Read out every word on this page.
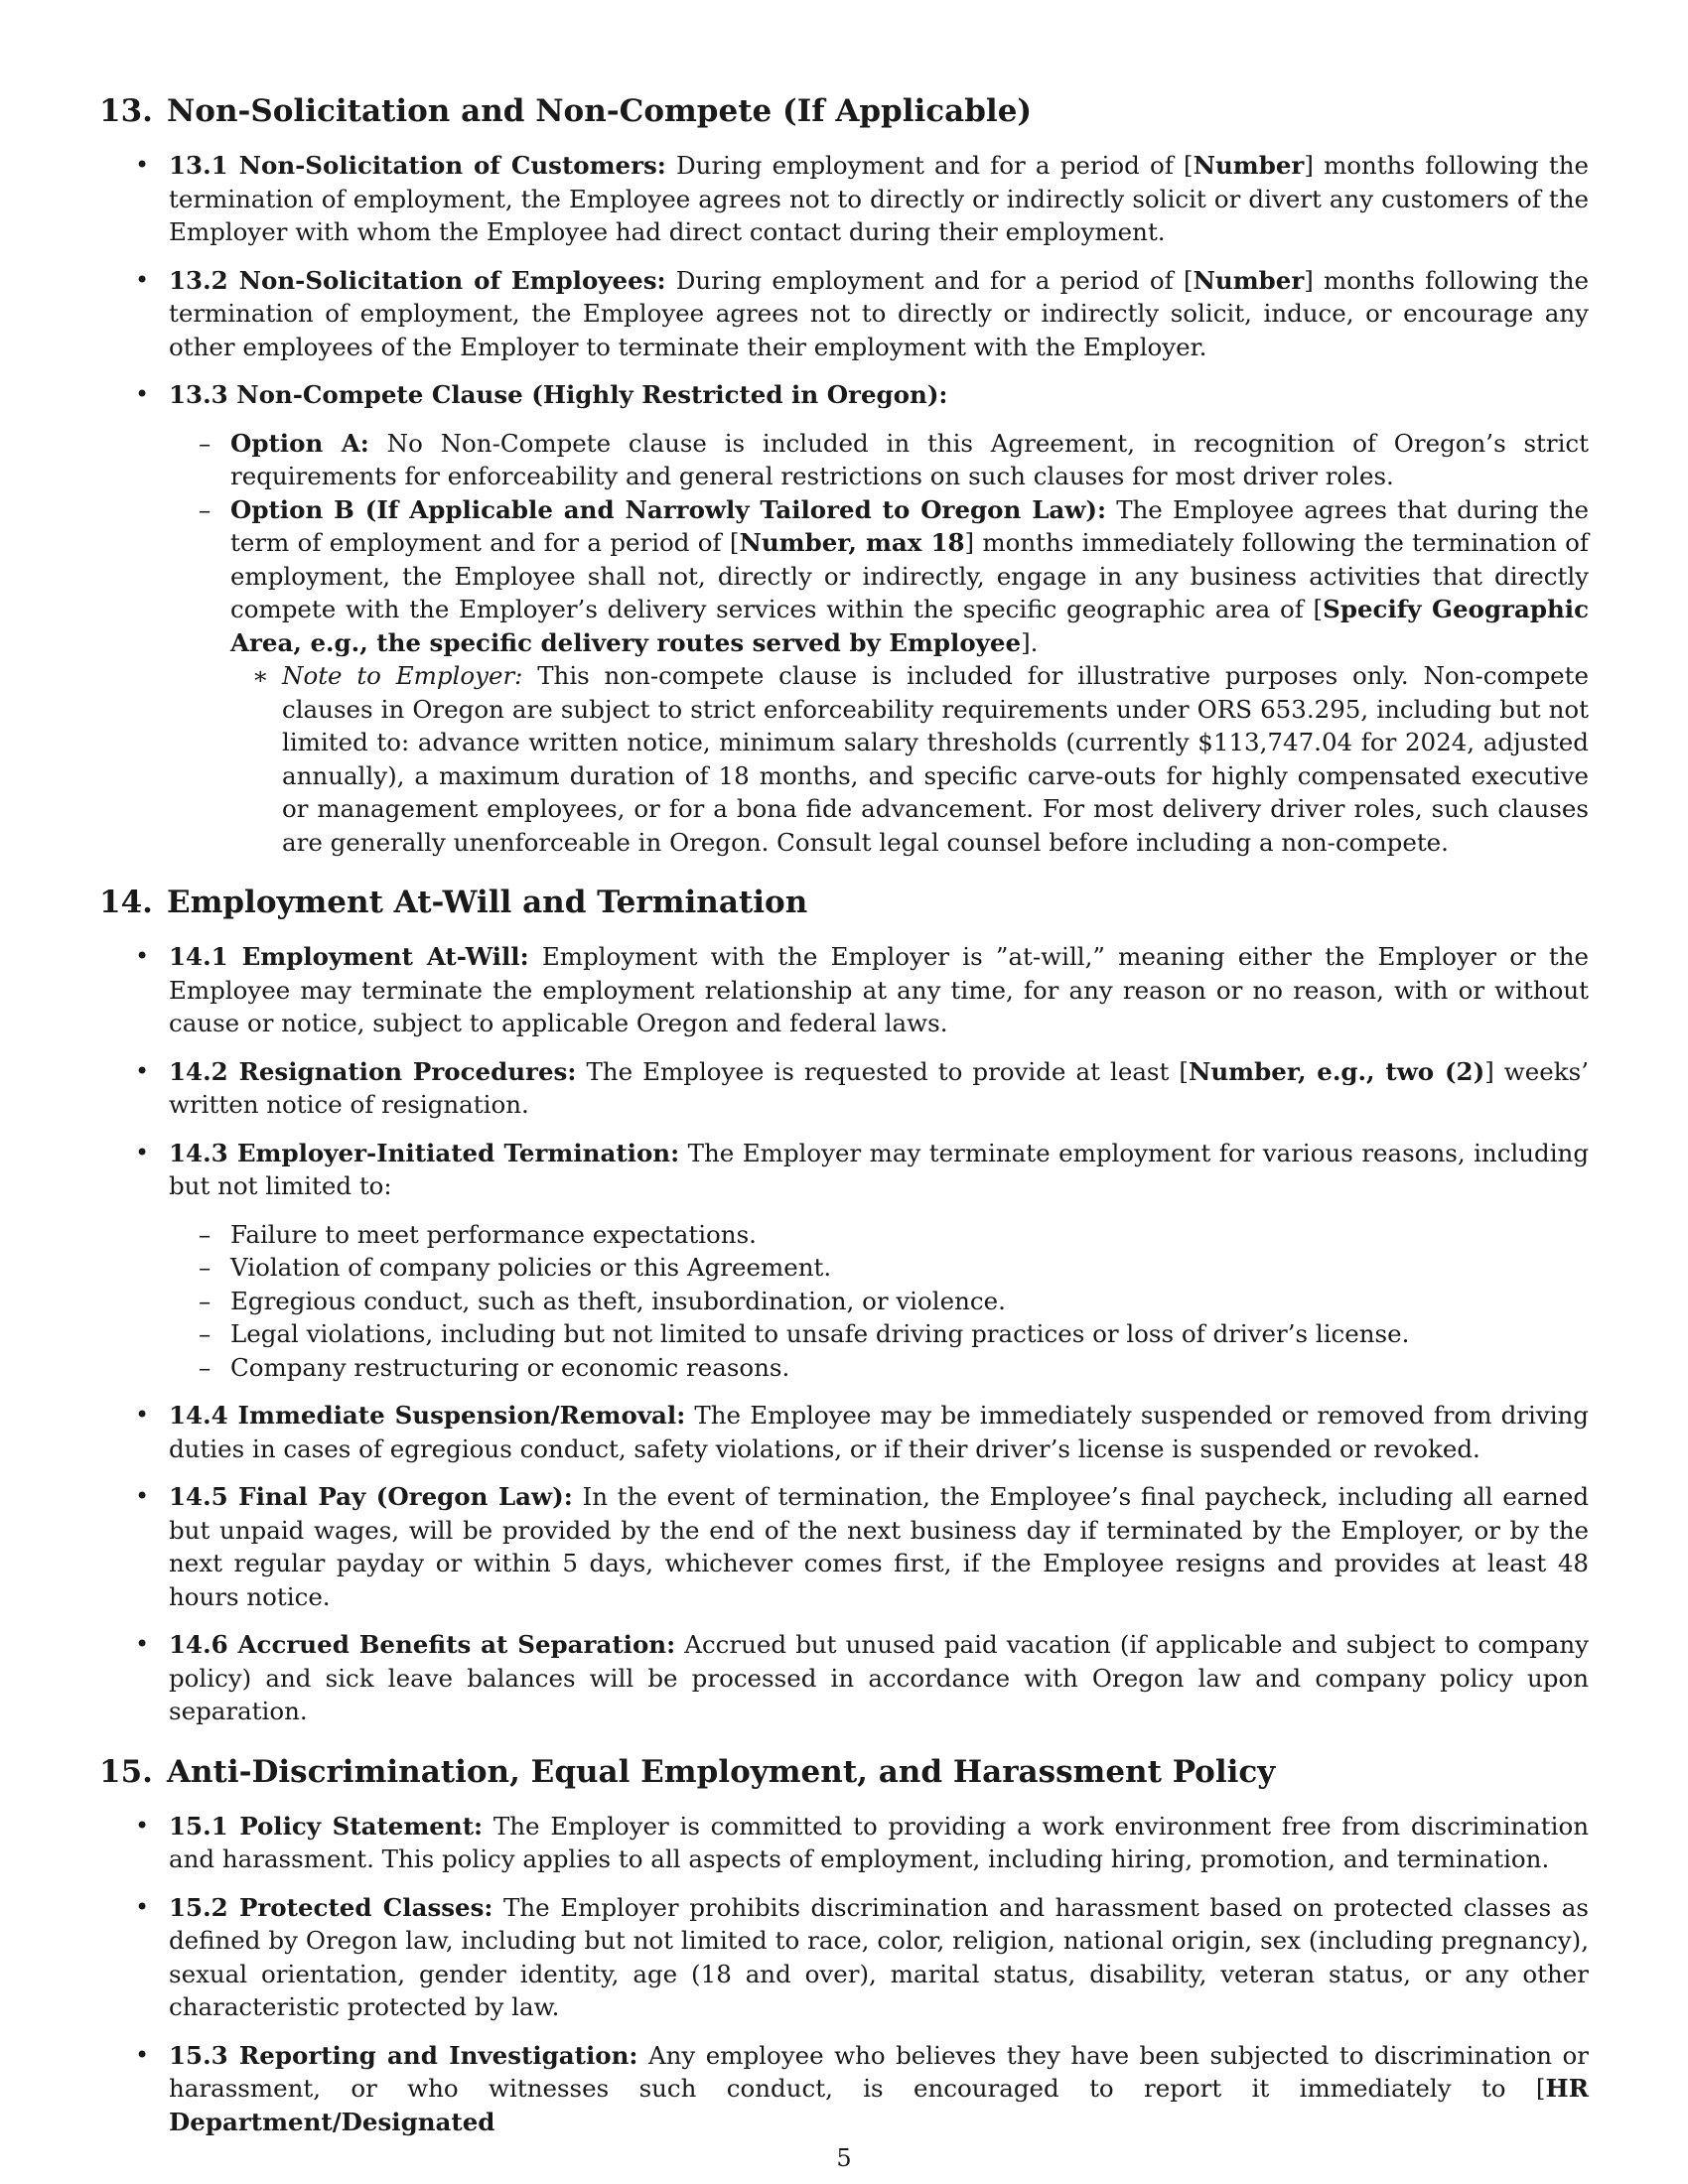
13. Non-Solicitation and Non-Compete (If Applicable)
• 13.1 Non-Solicitation of Customers: During employment and for a period of [Number] months following the termination of employment, the Employee agrees not to directly or indirectly solicit or divert any customers of the Employer with whom the Employee had direct contact during their employment.
• 13.2 Non-Solicitation of Employees: During employment and for a period of [Number] months following the termination of employment, the Employee agrees not to directly or indirectly solicit, induce, or encourage any other employees of the Employer to terminate their employment with the Employer.
• 13.3 Non-Compete Clause (Highly Restricted in Oregon):
– Option A: No Non-Compete clause is included in this Agreement, in recognition of Oregon’s strict requirements for enforceability and general restrictions on such clauses for most driver roles.
– Option B (If Applicable and Narrowly Tailored to Oregon Law): The Employee agrees that during the term of employment and for a period of [Number, max 18] months immediately following the termination of employment, the Employee shall not, directly or indirectly, engage in any business activities that directly compete with the Employer’s delivery services within the specific geographic area of [Specify Geographic Area, e.g., the specific delivery routes served by Employee].
∗ Note to Employer: This non-compete clause is included for illustrative purposes only. Non-compete clauses in Oregon are subject to strict enforceability requirements under ORS 653.295, including but not limited to: advance written notice, minimum salary thresholds (currently $113,747.04 for 2024, adjusted annually), a maximum duration of 18 months, and specific carve-outs for highly compensated executive or management employees, or for a bona fide advancement. For most delivery driver roles, such clauses are generally unenforceable in Oregon. Consult legal counsel before including a non-compete.
14. Employment At-Will and Termination
• 14.1 Employment At-Will: Employment with the Employer is ”at-will,” meaning either the Employer or the Employee may terminate the employment relationship at any time, for any reason or no reason, with or without cause or notice, subject to applicable Oregon and federal laws.
• 14.2 Resignation Procedures: The Employee is requested to provide at least [Number, e.g., two (2)] weeks’ written notice of resignation.
• 14.3 Employer-Initiated Termination: The Employer may terminate employment for various reasons, including but not limited to:
– Failure to meet performance expectations.
– Violation of company policies or this Agreement.
– Egregious conduct, such as theft, insubordination, or violence.
– Legal violations, including but not limited to unsafe driving practices or loss of driver’s license.
– Company restructuring or economic reasons.
• 14.4 Immediate Suspension/Removal: The Employee may be immediately suspended or removed from driving duties in cases of egregious conduct, safety violations, or if their driver’s license is suspended or revoked.
• 14.5 Final Pay (Oregon Law): In the event of termination, the Employee’s final paycheck, including all earned but unpaid wages, will be provided by the end of the next business day if terminated by the Employer, or by the next regular payday or within 5 days, whichever comes first, if the Employee resigns and provides at least 48 hours notice.
• 14.6 Accrued Benefits at Separation: Accrued but unused paid vacation (if applicable and subject to company policy) and sick leave balances will be processed in accordance with Oregon law and company policy upon separation.
15. Anti-Discrimination, Equal Employment, and Harassment Policy
• 15.1 Policy Statement: The Employer is committed to providing a work environment free from discrimination and harassment. This policy applies to all aspects of employment, including hiring, promotion, and termination.
• 15.2 Protected Classes: The Employer prohibits discrimination and harassment based on protected classes as defined by Oregon law, including but not limited to race, color, religion, national origin, sex (including pregnancy), sexual orientation, gender identity, age (18 and over), marital status, disability, veteran status, or any other characteristic protected by law.
• 15.3 Reporting and Investigation: Any employee who believes they have been subjected to discrimination or harassment, or who witnesses such conduct, is encouraged to report it immediately to [HR Department/Designated
5
